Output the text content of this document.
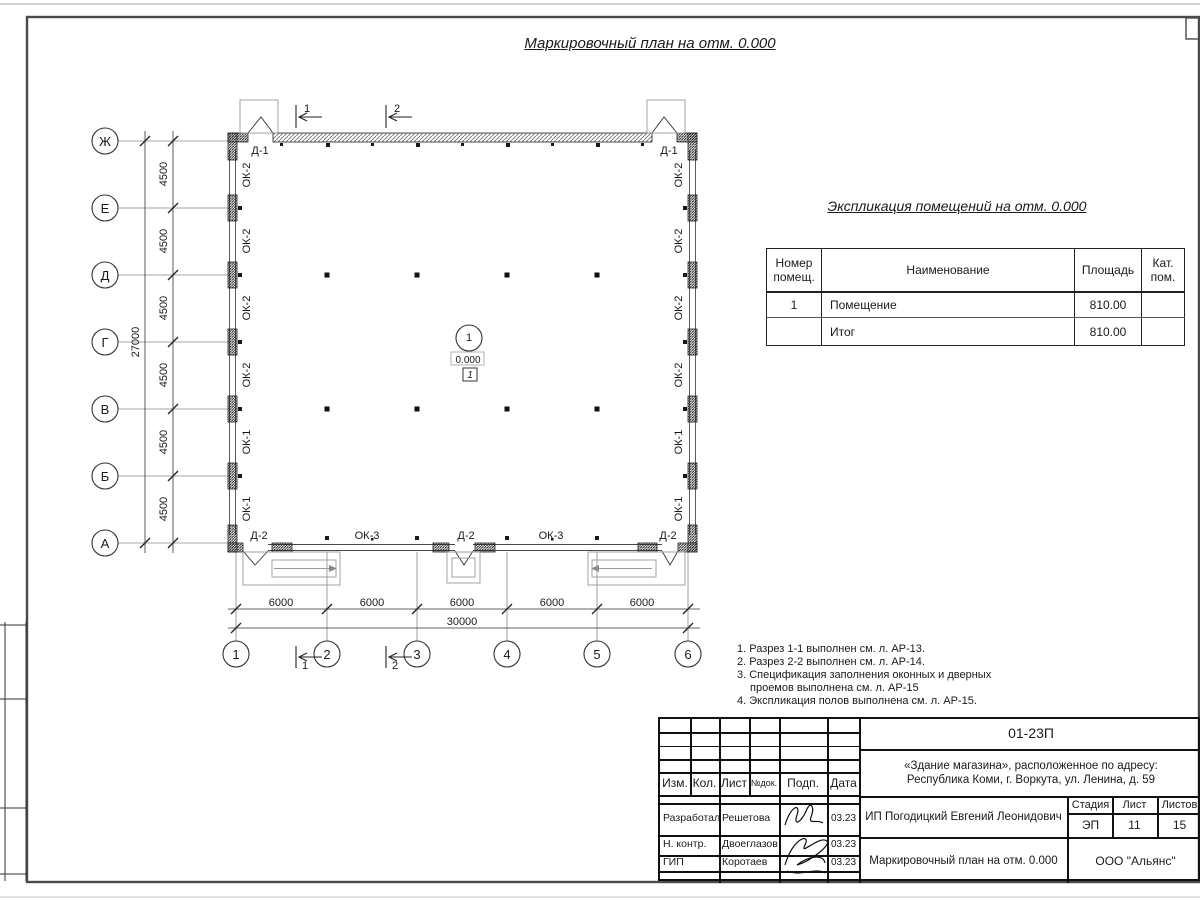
Маркировочный план на отм. 0.000
Ж
Е
Д
Г
В
Б
А
1	2	3	4	5	6
4500
4500
4500
4500
4500
4500
27000
6000	6000	6000	6000	6000
30000
Д-1	Д-1
ОК-2
ОК-2
ОК-2
ОК-2
ОК-1
ОК-1
ОК-2
ОК-2
ОК-2
ОК-2
ОК-1
ОК-1
Д-2	ОК-3	Д-2	ОК-3	Д-2
1
0.000
1
1	2
1	2
Экспликация помещений на отм. 0.000
Номер помещ.	Наименование	Площадь	Кат. пом.
1	Помещение	810.00	
	Итог	810.00	
1. Разрез 1-1 выполнен см. л. АР-13.
2. Разрез 2-2 выполнен см. л. АР-14.
3. Спецификация заполнения оконных и дверных
проемов выполнена см. л. АР-15
4. Экспликация полов выполнена см. л. АР-15.
Изм. Кол. Лист №док. Подп. Дата
Разработал Решетова	03.23
Н. контр.	Двоеглазов	03.23
ГИП	Коротаев	03.23
01-23П
«Здание магазина», расположенное по адресу:
Республика Коми, г. Воркута, ул. Ленина, д. 59
ИП Погодицкий Евгений Леонидович
Стадия	Лист	Листов
ЭП	11	15
Маркировочный план на отм. 0.000	ООО "Альянс"
